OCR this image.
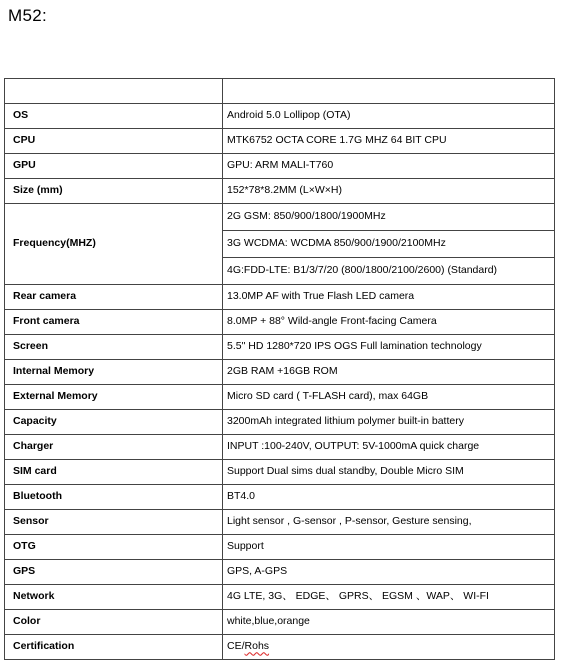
M52:

OS	Android 5.0 Lollipop (OTA)
CPU	MTK6752 OCTA CORE 1.7G MHZ 64 BIT CPU
GPU	GPU: ARM MALI-T760
Size (mm)	152*78*8.2MM (L×W×H)
Frequency(MHZ)	2G GSM: 850/900/1800/1900MHz
	3G WCDMA: WCDMA 850/900/1900/2100MHz
	4G:FDD-LTE: B1/3/7/20 (800/1800/2100/2600) (Standard)
Rear camera	13.0MP AF with True Flash LED camera
Front camera	8.0MP + 88° Wild-angle Front-facing Camera
Screen	5.5" HD 1280*720 IPS OGS Full lamination technology
Internal Memory	2GB RAM +16GB ROM
External Memory	Micro SD card ( T-FLASH card), max 64GB
Capacity	3200mAh integrated lithium polymer built-in battery
Charger	INPUT :100-240V, OUTPUT: 5V-1000mA quick charge
SIM card	Support Dual sims dual standby, Double Micro SIM
Bluetooth	BT4.0
Sensor	Light sensor , G-sensor , P-sensor, Gesture sensing,
OTG	Support
GPS	GPS, A-GPS
Network	4G LTE, 3G、 EDGE、 GPRS、 EGSM 、WAP、 WI-FI
Color	white,blue,orange
Certification	CE/Rohs
